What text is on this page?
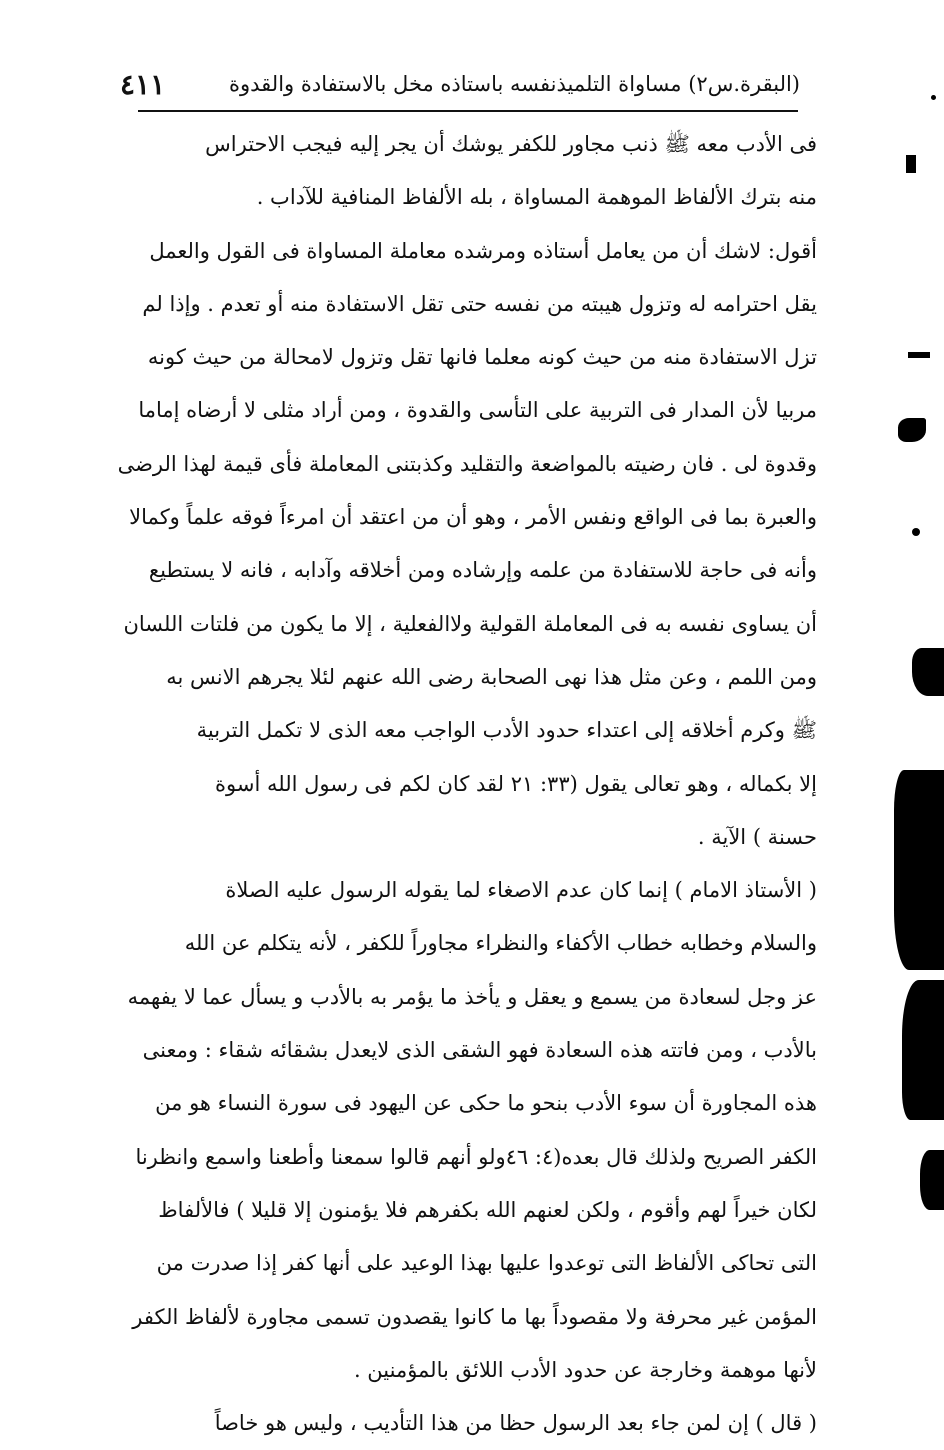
(البقرة.س٢) مساواة التلميذنفسه باستاذه مخل بالاستفادة والقدوة
٤١١
فى الأدب معه ﷺ ذنب مجاور للكفر يوشك أن يجر إليه فيجب الاحتراس
منه بترك الألفاظ الموهمة المساواة ، بله الألفاظ المنافية للآداب .
أقول: لاشك أن من يعامل أستاذه ومرشده معاملة المساواة فى القول والعمل
يقل احترامه له وتزول هيبته من نفسه حتى تقل الاستفادة منه أو تعدم . وإذا لم
تزل الاستفادة منه من حيث كونه معلما فانها تقل وتزول لامحالة من حيث كونه
مربيا لأن المدار فى التربية على التأسى والقدوة ، ومن أراد مثلى لا أرضاه إماما
وقدوة لى . فان رضيته بالمواضعة والتقليد وكذبتنى المعاملة فأى قيمة لهذا الرضى
والعبرة بما فى الواقع ونفس الأمر ، وهو أن من اعتقد أن امرءاً فوقه علماً وكمالا
وأنه فى حاجة للاستفادة من علمه وإرشاده ومن أخلاقه وآدابه ، فانه لا يستطيع
أن يساوى نفسه به فى المعاملة القولية ولاالفعلية ، إلا ما يكون من فلتات اللسان
ومن اللمم ، وعن مثل هذا نهى الصحابة رضى الله عنهم لئلا يجرهم الانس به
ﷺ وكرم أخلاقه إلى اعتداء حدود الأدب الواجب معه الذى لا تكمل التربية
إلا بكماله ، وهو تعالى يقول (٣٣: ٢١ لقد كان لكم فى رسول الله أسوة
حسنة ) الآية .
( الأستاذ الامام ) إنما كان عدم الاصغاء لما يقوله الرسول عليه الصلاة
والسلام وخطابه خطاب الأكفاء والنظراء مجاوراً للكفر ، لأنه يتكلم عن الله
عز وجل لسعادة من يسمع و يعقل و يأخذ ما يؤمر به بالأدب و يسأل عما لا يفهمه
بالأدب ، ومن فاتته هذه السعادة فهو الشقى الذى لايعدل بشقائه شقاء : ومعنى
هذه المجاورة أن سوء الأدب بنحو ما حكى عن اليهود فى سورة النساء هو من
الكفر الصريح ولذلك قال بعده(٤: ٤٦ولو أنهم قالوا سمعنا وأطعنا واسمع وانظرنا
لكان خيراً لهم وأقوم ، ولكن لعنهم الله بكفرهم فلا يؤمنون إلا قليلا ) فالألفاظ
التى تحاكى الألفاظ التى توعدوا عليها بهذا الوعيد على أنها كفر إذا صدرت من
المؤمن غير محرفة ولا مقصوداً بها ما كانوا يقصدون تسمى مجاورة لألفاظ الكفر
لأنها موهمة وخارجة عن حدود الأدب اللائق بالمؤمنين .
( قال ) إن لمن جاء بعد الرسول حظا من هذا التأديب ، وليس هو خاصاً
